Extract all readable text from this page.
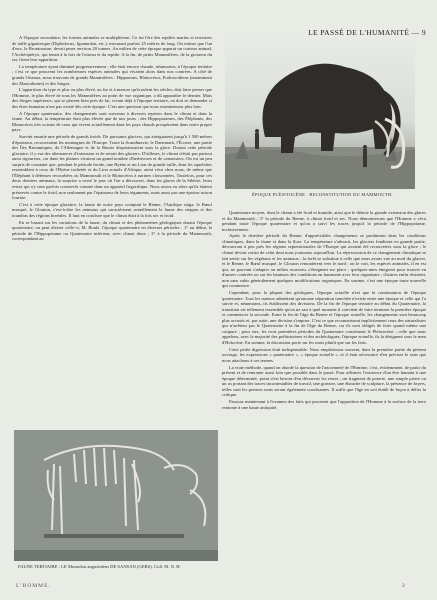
LE PASSÉ DE L'HUMANITÉ — 9
ÉPOQUE PLÉISTOCÈNE : RECONSTITUTION DU MAMMOUTH.

A l'époque secondaire, les formes animales se multiplièrent. Ce fut l'ère des reptiles marins et terrestres de taille gigantesque (Diplodocus, Iguanodon, etc.), mesurant parfois 25 mètres de long. On estime que l'un d'eux, le Brontosaure, devait peser environ 20 tonnes. Au milieu de cette époque apparut un curieux animal, l'Archéoptéryx, qui tenait à la fois de l'oiseau et du reptile. A la fin, de petits Mammifères, de la grosseur du rat, firent leur apparition.

La température ayant diminué progressivement ; elle était encore chaude, néanmoins, à l'époque tertiaire ; c'est ce que prouvent les nombreuses espèces animales qui vivaient alors dans nos contrées. A côté de grands Oiseaux, nous trouvons de grands Mammifères : Hipparions, Rhinocéros, Proboscidiens (notamment des Mastodontes) et des Singes.

L'apparition du type et plus ou plus élevé, au fur et à mesure qu'écoulent les siècles, doit faire penser que l'Homme, le plus élevé de tous les Mammifères au point de vue organique, a dû apparaître le dernier. Mais des Singes supérieurs, qui se placent bien près de lui, vivant déjà à l'époque tertiaire, on doit se demander si des êtres humains n'ont pas existé dès cette époque. C'est une question que nous examinerons plus loin.

A l'époque quaternaire, des changements sont survenus à diverses reprises dans le climat et dans la faune. Au début, la température était plus élevée que de nos jours ; des Hippopotames, des Éléphants, des Rhinocéros très voisins de ceux qui vivent actuellement dans les pays chauds prospéraient dans notre propre pays.

Survint ensuite une période de grands froids. De puissants glaciers, qui atteignaient jusqu'à 1 500 mètres d'épaisseur, recouvraient les montagnes de l'Europe. Toute la Scandinavie, le Danemark, l'Écosse, une partie des Îles Britanniques, de l'Allemagne et de la Russie disparaissaient sous la glace. Durant cette période glaciaire, il y eut des alternances d'extension et de retrait des glaciers. D'ailleurs, le climat n'était pas partout aussi rigoureux, car dans les plaines vivaient un grand nombre d'herbivores et de carnassiers. On est un peu surpris de constater que, pendant le période froide, une Hyène et un Lion de grande taille, dont les squelettes ressemblent à ceux de l'Hyène tachetée et du Lion actuels d'Afrique, aient vécu chez nous, de même que l'Éléphant à défenses recourbées ou Mammouth et le Rhinocéros à narines cloisonnées. Toutefois, pour ces deux derniers animaux, la surprise a cessé le jour où l'on a découvert, dans les glaces de la Sibérie, leurs restes qui s'y sont parfois conservés comme dans un appareil frigorifique. Nous avons eu alors qu'ils étaient préservés contre le froid, non seulement par l'épaisseur de leurs téguments, mais aussi par une épaisse toison fournie.

C'est à cette époque glaciaire, la faune de notre pays comptait le Renne, l'Antilope saïga, le Bœuf musqué, le Glouton, c'est-à-dire les animaux qui caractérisent actuellement la faune des steppes et des toundras des régions boréales. Il faut en conclure que le climat était à la fois sec et froid.

En se basant sur les variations de la faune, du climat et des phénomènes géologiques durant l'époque quaternaire, on peut diviser celle-ci, M. Boule, l'époque quaternaire en diverses périodes : 1° au début, la période de l'Hippopotame ou Quaternaire inférieur, avec climat doux ; 2° à la période du Mammouth, correspondant au

Quaternaire moyen, dont le climat a été froid et humide, ainsi que le dénote la grande extension des glaces et du Mammouth ; 3° la période du Renne, à climat froid et sec. Nous démontrerons que l'Homme a vécu pendant toute l'époque quaternaire et qu'on a suivi les traces jusqu'à la période de l'Hippopotame, inclusivement.

Après la dernière période du Renne, d'appréciables changements se produisent dans les conditions climatiques, dans la faune et dans la flore. La température s'adoucit, les glaciers fondirent en grande partie, découvrant à peu près les régions septentrionales de l'Europe qui avaient été recouvertes sous la glace ; le climat devint voisin de celui dont nous jouissons aujourd'hui. La répercussion de ce changement climatique se fait sentir sur les végétaux et les animaux ; la forêt se substitue à celle que nous avons vue au nord du glacier, et le Renne, le Bœuf musqué, le Glouton remontèrent vers le nord ; on le voit, les espèces animales, il en est qui, ne pouvant s'adapter au milieu nouveau, s'éteignent sur place ; quelques-unes émigrent pour trouver en d'autres contrées ou sur les hauteurs des conditions en harmonie avec leur organisme ; d'autres enfin résistent, non sans subir généralement quelques modifications organiques. En somme, c'est une époque toute nouvelle qui commence.

Cependant, pour la plupart des géologues, l'époque actuelle n'est que la continuation de l'époque quaternaire. Tous les auteurs admettent qu'aucune séparation tranchée n'existe entre une époque et celle qui l'a suivie et, néanmoins, ils établissent des divisions. De la fin de l'époque tertiaire au début du Quaternaire, la transition est tellement insensible qu'on ne sait à quel moment il convient de faire terminer la première époque et commencer la seconde. Entre la fin de l'âge du Renne et l'époque actuelle, les changements sont beaucoup plus accusés et, par suite, une division s'impose. C'est ce que reconnaissent implicitement ceux des naturalistes qui n'arrêtent pas le Quaternaire à la fin de l'âge du Renne, car ils sont obligés de faire quand même une coupure ; pour eux, les trois premières périodes du Quaternaire constituent le Pléistocène ; celle que nous appelons, avec la majorité des préhistoriens et des archéologues, l'époque actuelle, ils la désignent sous le nom d'Holocène. En somme, la discussion porte sur les mots plutôt que sur les faits.

Cette petite digression était indispensable. Nous emploierons souvent, dans la première partie du présent ouvrage, les expressions « quaternaire », « époque actuelle », et il était nécessaire d'en préciser le sens que nous attachons à ces termes.

La vraie méthode, quand on aborde la question de l'ancienneté de l'Homme, c'est, évidemment, de partir du présent et de remonter aussi loin que possible dans le passé. Pour affirmer l'existence d'un être humain à une époque déterminée, point n'est besoin d'en découvrir les restes ; un fragment de poterie, une simple pierre ou un os portant des traces incontestables de travail, une gravure, une ébauche de sculpture, la présence de foyers, telles sont les preuves nous seront également concluantes. Il suffit que l'âge en soit établi de façon à défier la critique.

Passons maintenant à l'examen des faits qui prouvent que l'apparition de l'Homme à la surface de la terre remonte à une haute antiquité.

FAUNE TERTIAIRE : LE Mastodon angustidens DE SANSAN (GERS). Coll. M. N. H.
L'HOMME.	2
